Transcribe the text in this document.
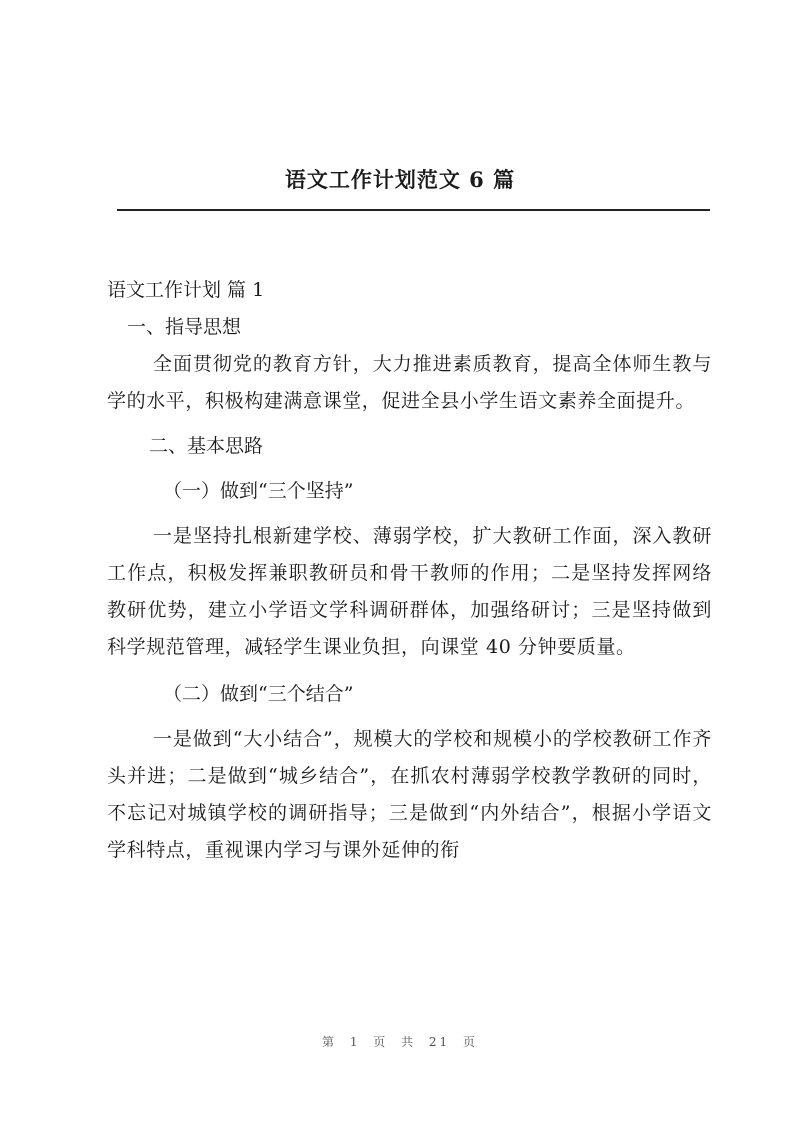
语文工作计划范文 6 篇

语文工作计划 篇 1

一、指导思想

全面贯彻党的教育方针，大力推进素质教育，提高全体师生教与学的水平，积极构建满意课堂，促进全县小学生语文素养全面提升。

二、基本思路

（一）做到“三个坚持”

一是坚持扎根新建学校、薄弱学校，扩大教研工作面，深入教研工作点，积极发挥兼职教研员和骨干教师的作用；二是坚持发挥网络教研优势，建立小学语文学科调研群体，加强络研讨；三是坚持做到科学规范管理，减轻学生课业负担，向课堂 40 分钟要质量。

（二）做到“三个结合”

一是做到“大小结合”，规模大的学校和规模小的学校教研工作齐头并进；二是做到“城乡结合”，在抓农村薄弱学校教学教研的同时，不忘记对城镇学校的调研指导；三是做到“内外结合”，根据小学语文学科特点，重视课内学习与课外延伸的衔

第 1 页 共 21 页
